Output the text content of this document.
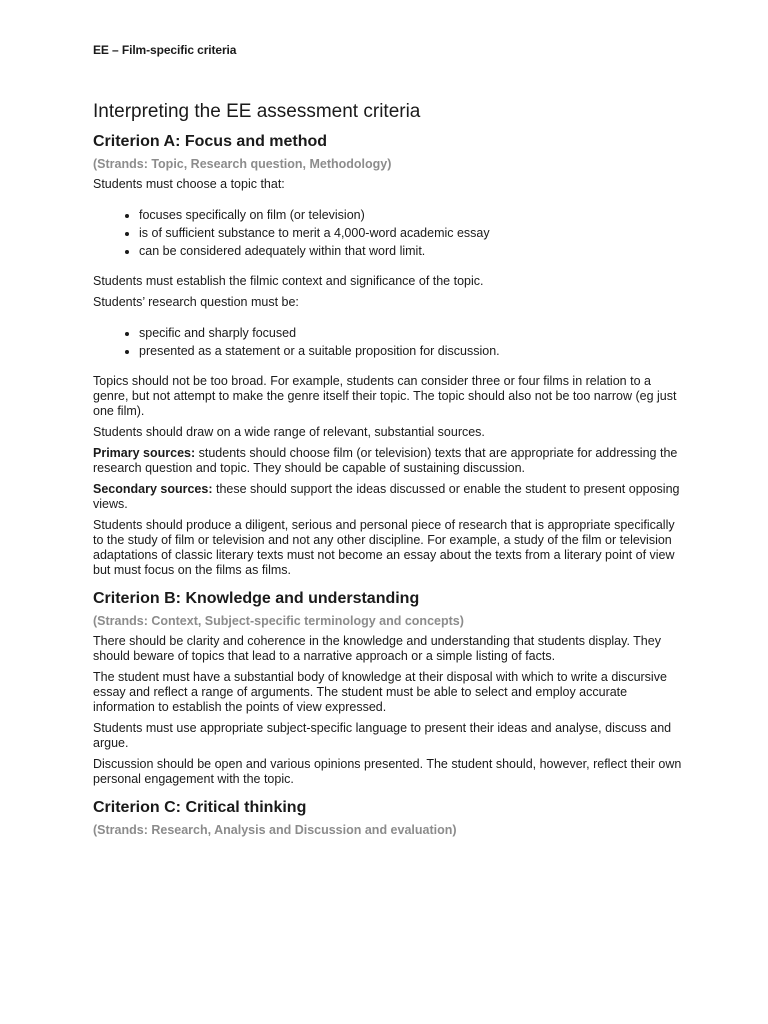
EE – Film-specific criteria
Interpreting the EE assessment criteria
Criterion A: Focus and method
(Strands: Topic, Research question, Methodology)

Students must choose a topic that:

• focuses specifically on film (or television)
• is of sufficient substance to merit a 4,000-word academic essay
• can be considered adequately within that word limit.

Students must establish the filmic context and significance of the topic.

Students’ research question must be:

• specific and sharply focused
• presented as a statement or a suitable proposition for discussion.

Topics should not be too broad. For example, students can consider three or four films in relation to a genre, but not attempt to make the genre itself their topic. The topic should also not be too narrow (eg just one film).

Students should draw on a wide range of relevant, substantial sources.

Primary sources: students should choose film (or television) texts that are appropriate for addressing the research question and topic. They should be capable of sustaining discussion.

Secondary sources: these should support the ideas discussed or enable the student to present opposing views.

Students should produce a diligent, serious and personal piece of research that is appropriate specifically to the study of film or television and not any other discipline. For example, a study of the film or television adaptations of classic literary texts must not become an essay about the texts from a literary point of view but must focus on the films as films.

Criterion B: Knowledge and understanding
(Strands: Context, Subject-specific terminology and concepts)

There should be clarity and coherence in the knowledge and understanding that students display. They should beware of topics that lead to a narrative approach or a simple listing of facts.

The student must have a substantial body of knowledge at their disposal with which to write a discursive essay and reflect a range of arguments. The student must be able to select and employ accurate information to establish the points of view expressed.

Students must use appropriate subject-specific language to present their ideas and analyse, discuss and argue.

Discussion should be open and various opinions presented. The student should, however, reflect their own personal engagement with the topic.

Criterion C: Critical thinking
(Strands: Research, Analysis and Discussion and evaluation)
